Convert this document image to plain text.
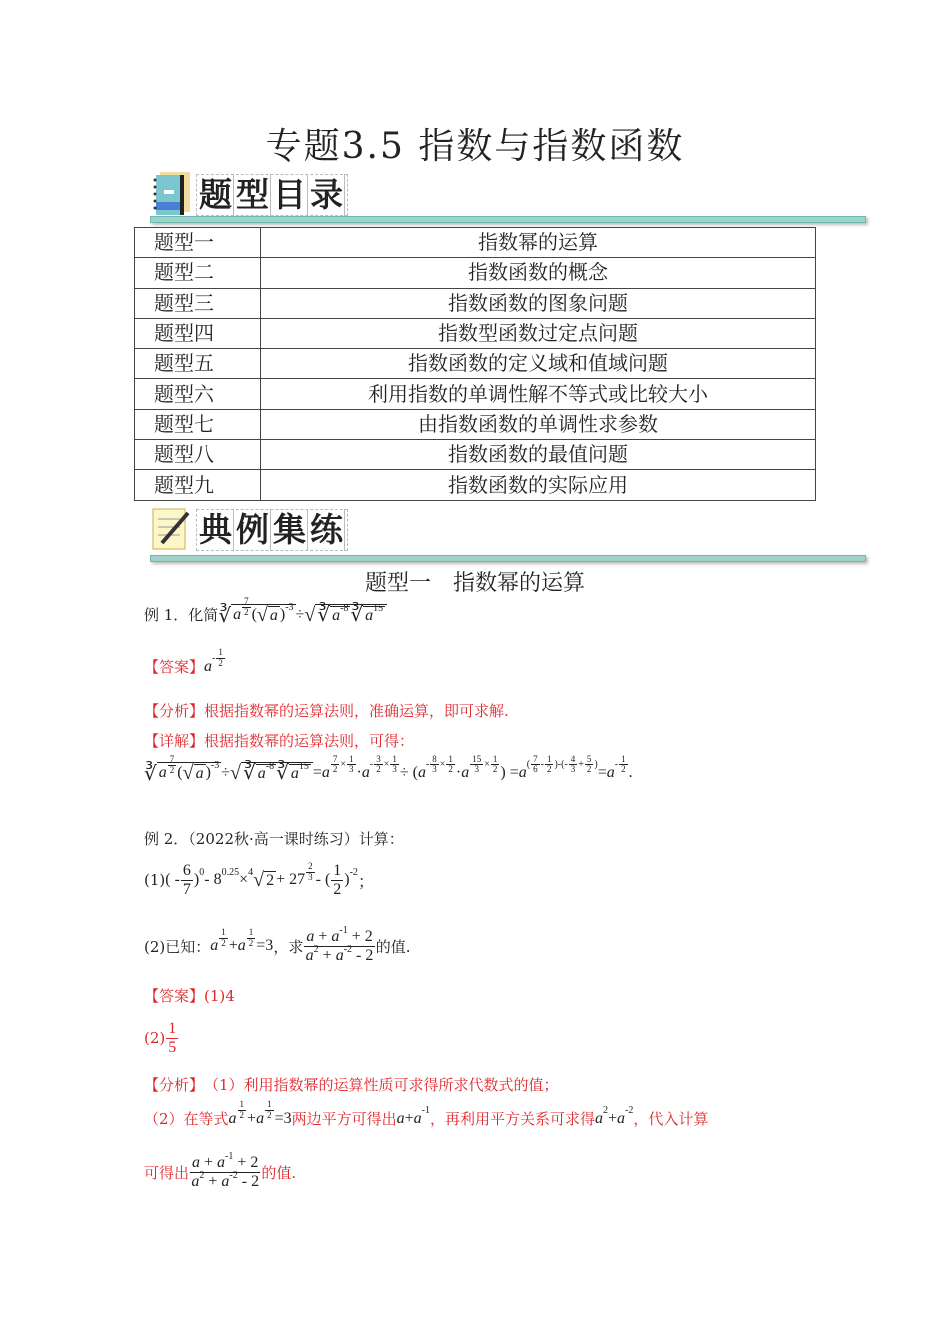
专题3.5 指数与指数函数
题型目录
题型一	指数幂的运算
题型二	指数函数的概念
题型三	指数函数的图象问题
题型四	指数型函数过定点问题
题型五	指数函数的定义域和值域问题
题型六	利用指数的单调性解不等式或比较大小
题型七	由指数函数的单调性求参数
题型八	指数函数的最值问题
题型九	指数函数的实际应用
典例集练
题型一　指数幂的运算
例 1．化简 ∛ a $\frac{7}{2}$ ( √ a ) -3 ÷ √ ∛ a -8 ∛ a 15
【答案】 a - $\frac{1}{2}$
【分析】 根据指数幂的运算法则，准确运算，即可求解.
【详解】 根据指数幂的运算法则，可得：
∛ a $\frac{7}{2}$ ( √ a ) -3 ÷ √ ∛ a -8 ∛ a 15 = a $\frac{7}{2} \times \frac{1}{3} \cdot a - \frac{3}{2} \times \frac{1}{3}$ ÷ ( $a - \frac{8}{3} \times \frac{1}{2} \cdot a \frac{15}{3} \times \frac{1}{2}$ ) = a ( $\frac{7}{6} - \frac{1}{2}$ )-(- $\frac{4}{3} + \frac{5}{2}$ ) = a - $\frac{1}{2}$ .
例 2．（2022秋·高一课时练习）计算：
(1) ( - $\frac{6}{7}$ ) 0 - 8 0.25 × 4 √ $2 + 27 \frac{2}{3}$ - ( $\frac{1}{2}$ ) -2
；
(2)已知： a $\frac{1}{2} + a \frac{1}{2} =3$ ，求 $\frac{a + a -1 + 2}{a 2 + a -2 - 2}$ 的值.
【答案】 (1)4
$(2) \frac{1}{5}$
【分析】 （1）利用指数幂的运算性质可求得所求代数式的值；
（2）在等式 a $\frac{1}{2} + a \frac{1}{2} =3$ 两边平方可得出 a + a -1 ，再利用平方关系可求得 a 2 + a -2 ，代入计算
可得出 $\frac{a + a -1 + 2}{a 2 + a -2 - 2}$ 的值.
